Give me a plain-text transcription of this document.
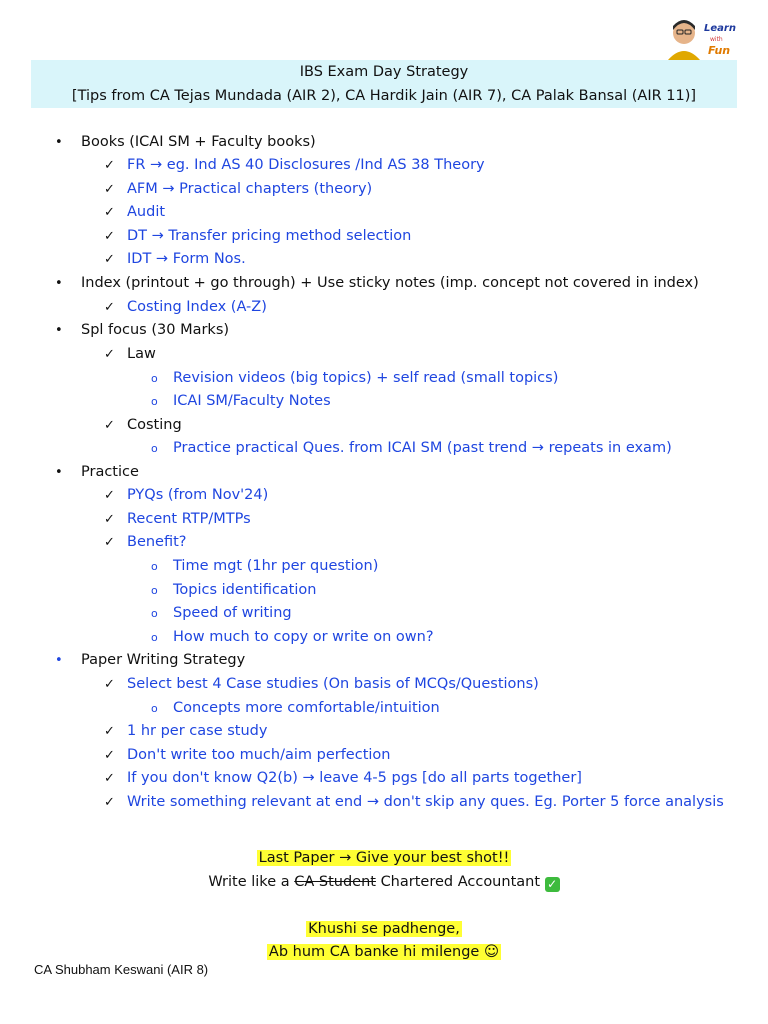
Learn
with
Fun
IBS Exam Day Strategy
[Tips from CA Tejas Mundada (AIR 2), CA Hardik Jain (AIR 7), CA Palak Bansal (AIR 11)]
• Books (ICAI SM + Faculty books)
✓ FR → eg. Ind AS 40 Disclosures /Ind AS 38 Theory
✓ AFM → Practical chapters (theory)
✓ Audit
✓ DT → Transfer pricing method selection
✓ IDT → Form Nos.
• Index (printout + go through) + Use sticky notes (imp. concept not covered in index)
✓ Costing Index (A-Z)
• Spl focus (30 Marks)
✓ Law
o Revision videos (big topics) + self read (small topics)
o ICAI SM/Faculty Notes
✓ Costing
o Practice practical Ques. from ICAI SM (past trend → repeats in exam)
• Practice
✓ PYQs (from Nov'24)
✓ Recent RTP/MTPs
✓ Benefit?
o Time mgt (1hr per question)
o Topics identification
o Speed of writing
o How much to copy or write on own?
• Paper Writing Strategy
✓ Select best 4 Case studies (On basis of MCQs/Questions)
o Concepts more comfortable/intuition
✓ 1 hr per case study
✓ Don't write too much/aim perfection
✓ If you don't know Q2(b) → leave 4-5 pgs [do all parts together]
✓ Write something relevant at end → don't skip any ques. Eg. Porter 5 force analysis
Last Paper → Give your best shot!!
Write like a CA Student Chartered Accountant ✓
Khushi se padhenge,
Ab hum CA banke hi milenge ☺
CA Shubham Keswani (AIR 8)
